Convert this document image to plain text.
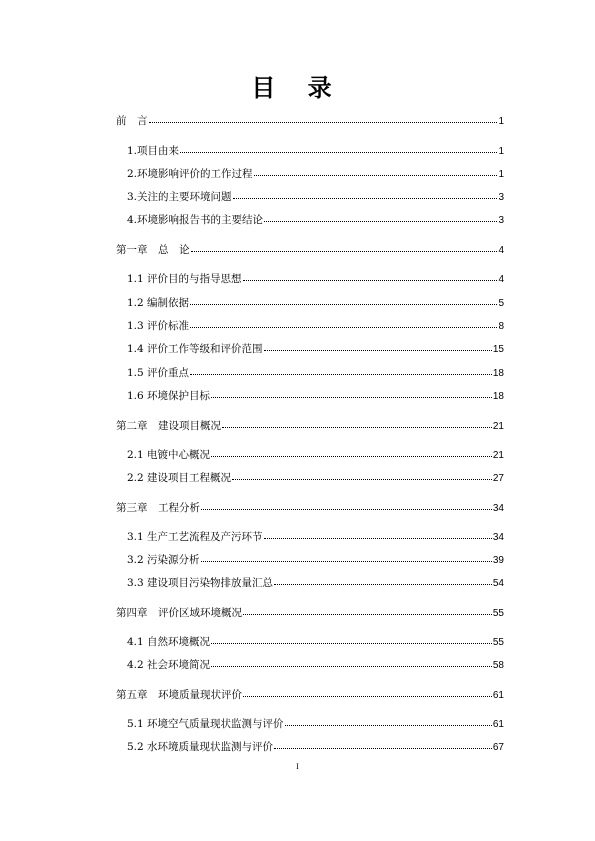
目 录
前　言	1
1.项目由来	1
2.环境影响评价的工作过程	1
3.关注的主要环境问题	3
4.环境影响报告书的主要结论	3
第一章　总　论	4
1.1 评价目的与指导思想	4
1.2 编制依据	5
1.3 评价标准	8
1.4 评价工作等级和评价范围	15
1.5 评价重点	18
1.6 环境保护目标	18
第二章　建设项目概况	21
2.1 电镀中心概况	21
2.2 建设项目工程概况	27
第三章　工程分析	34
3.1 生产工艺流程及产污环节	34
3.2 污染源分析	39
3.3 建设项目污染物排放量汇总	54
第四章　评价区域环境概况	55
4.1 自然环境概况	55
4.2 社会环境简况	58
第五章　环境质量现状评价	61
5.1 环境空气质量现状监测与评价	61
5.2 水环境质量现状监测与评价	67
I
